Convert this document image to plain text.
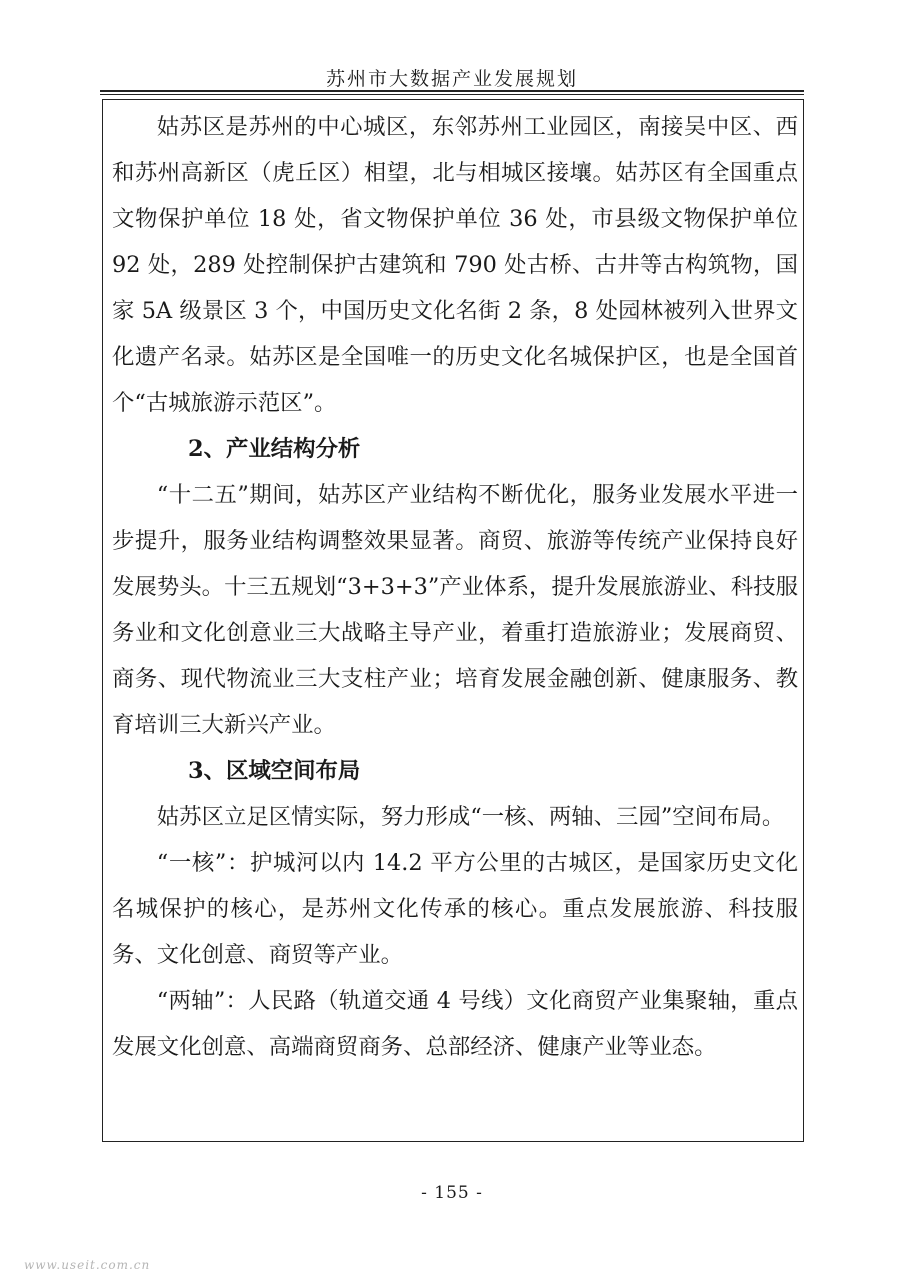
苏州市大数据产业发展规划

姑苏区是苏州的中心城区，东邻苏州工业园区，南接吴中区、西和苏州高新区（虎丘区）相望，北与相城区接壤。姑苏区有全国重点文物保护单位 18 处，省文物保护单位 36 处，市县级文物保护单位 92 处，289 处控制保护古建筑和 790 处古桥、古井等古构筑物，国家 5A 级景区 3 个，中国历史文化名街 2 条，8 处园林被列入世界文化遗产名录。姑苏区是全国唯一的历史文化名城保护区，也是全国首个“古城旅游示范区”。

2、产业结构分析

“十二五”期间，姑苏区产业结构不断优化，服务业发展水平进一步提升，服务业结构调整效果显著。商贸、旅游等传统产业保持良好发展势头。十三五规划“3+3+3”产业体系，提升发展旅游业、科技服务业和文化创意业三大战略主导产业，着重打造旅游业；发展商贸、商务、现代物流业三大支柱产业；培育发展金融创新、健康服务、教育培训三大新兴产业。

3、区域空间布局

姑苏区立足区情实际，努力形成“一核、两轴、三园”空间布局。

“一核”：护城河以内 14.2 平方公里的古城区，是国家历史文化名城保护的核心，是苏州文化传承的核心。重点发展旅游、科技服务、文化创意、商贸等产业。

“两轴”：人民路（轨道交通 4 号线）文化商贸产业集聚轴，重点发展文化创意、高端商贸商务、总部经济、健康产业等业态。

- 155 -
www.useit.com.cn
